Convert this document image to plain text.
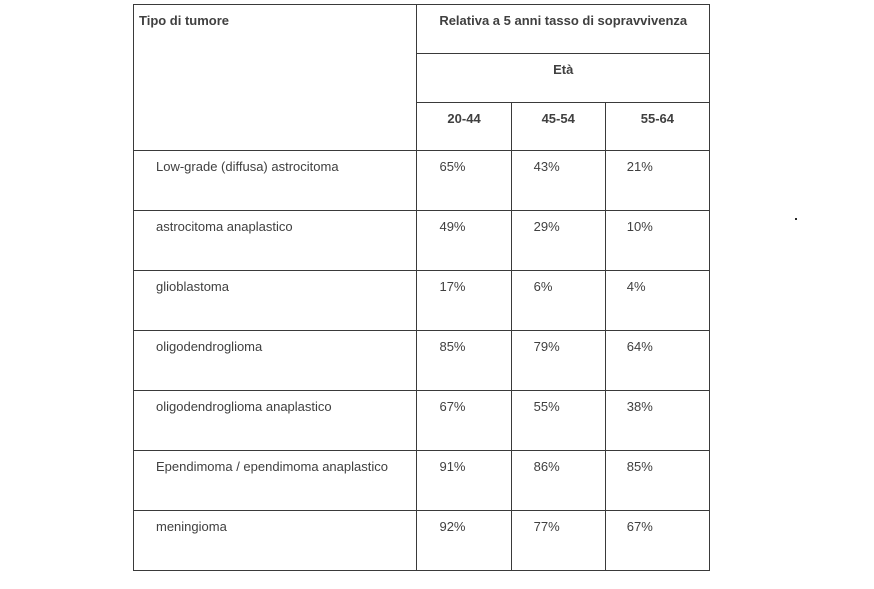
Tipo di tumore	Relativa a 5 anni tasso di sopravvivenza		
	Età		
	20-44	45-54	55-64
Low-grade (diffusa) astrocitoma	65%	43%	21%
astrocitoma anaplastico	49%	29%	10%
glioblastoma	17%	6%	4%
oligodendroglioma	85%	79%	64%
oligodendroglioma anaplastico	67%	55%	38%
Ependimoma / ependimoma anaplastico	91%	86%	85%
meningioma	92%	77%	67%
